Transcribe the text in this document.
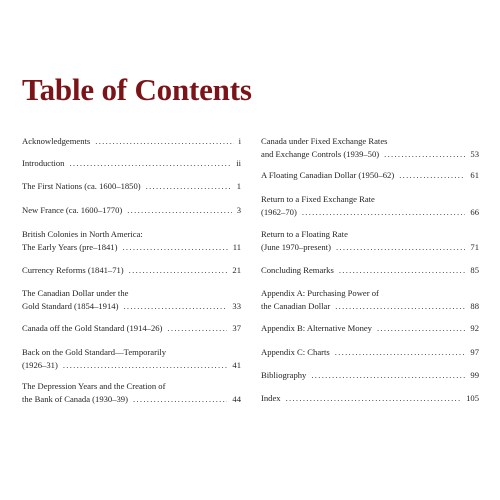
Table of Contents
Acknowledgements .....	i
Introduction .....	ii
The First Nations (ca. 1600–1850) .....	1
New France (ca. 1600–1770) .....	3
British Colonies in North America:
The Early Years (pre–1841) .....	11
Currency Reforms (1841–71) .....	21
The Canadian Dollar under the
Gold Standard (1854–1914) .....	33
Canada off the Gold Standard (1914–26) .....	37
Back on the Gold Standard—Temporarily
(1926–31) .....	41
The Depression Years and the Creation of
the Bank of Canada (1930–39) .....	44
Canada under Fixed Exchange Rates
and Exchange Controls (1939–50) .....	53
A Floating Canadian Dollar (1950–62) .....	61
Return to a Fixed Exchange Rate
(1962–70) .....	66
Return to a Floating Rate
(June 1970–present) .....	71
Concluding Remarks .....	85
Appendix A: Purchasing Power of
the Canadian Dollar .....	88
Appendix B: Alternative Money .....	92
Appendix C: Charts .....	97
Bibliography .....	99
Index .....	105
